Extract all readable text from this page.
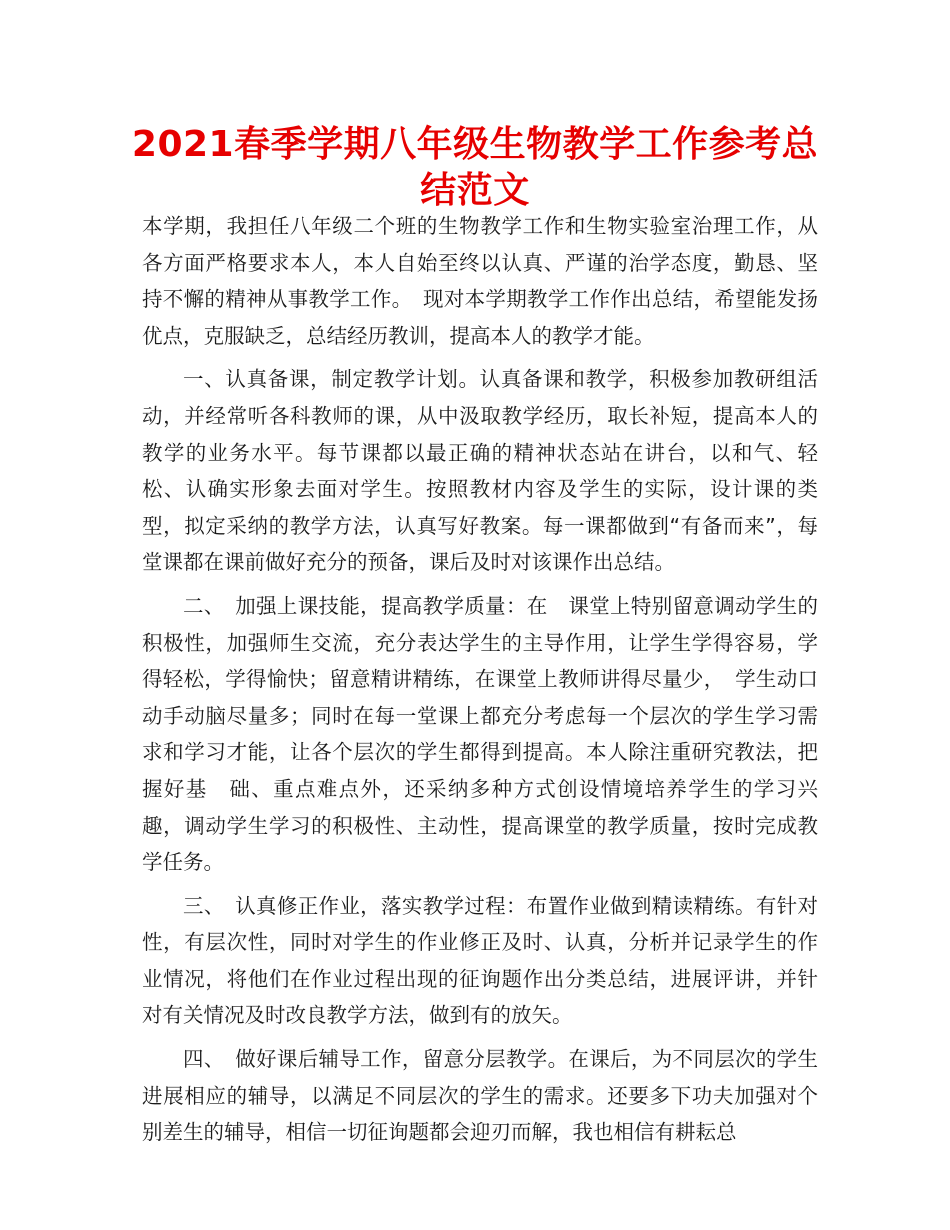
2021春季学期八年级生物教学工作参考总结范文

本学期，我担任八年级二个班的生物教学工作和生物实验室治理工作，从各方面严格要求本人，本人自始至终以认真、严谨的治学态度，勤恳、坚持不懈的精神从事教学工作。　现对本学期教学工作作出总结，希望能发扬优点，克服缺乏，总结经历教训，提高本人的教学才能。

一、认真备课，制定教学计划。认真备课和教学，积极参加教研组活动，并经常听各科教师的课，从中汲取教学经历，取长补短，提高本人的教学的业务水平。每节课都以最正确的精神状态站在讲台，以和气、轻松、认确实形象去面对学生。按照教材内容及学生的实际，设计课的类型，拟定采纳的教学方法，认真写好教案。每一课都做到“有备而来”，每堂课都在课前做好充分的预备，课后及时对该课作出总结。

二、　加强上课技能，提高教学质量：在　课堂上特别留意调动学生的积极性，加强师生交流，充分表达学生的主导作用，让学生学得容易，学得轻松，学得愉快；留意精讲精练，在课堂上教师讲得尽量少，　学生动口动手动脑尽量多；同时在每一堂课上都充分考虑每一个层次的学生学习需求和学习才能，让各个层次的学生都得到提高。本人除注重研究教法，把握好基　础、重点难点外，还采纳多种方式创设情境培养学生的学习兴趣，调动学生学习的积极性、主动性，提高课堂的教学质量，按时完成教学任务。

三、　认真修正作业，落实教学过程：布置作业做到精读精练。有针对性，有层次性，同时对学生的作业修正及时、认真，分析并记录学生的作业情况，将他们在作业过程出现的征询题作出分类总结，进展评讲，并针对有关情况及时改良教学方法，做到有的放矢。

四、　做好课后辅导工作，留意分层教学。在课后，为不同层次的学生进展相应的辅导，以满足不同层次的学生的需求。还要多下功夫加强对个别差生的辅导，相信一切征询题都会迎刃而解，我也相信有耕耘总
